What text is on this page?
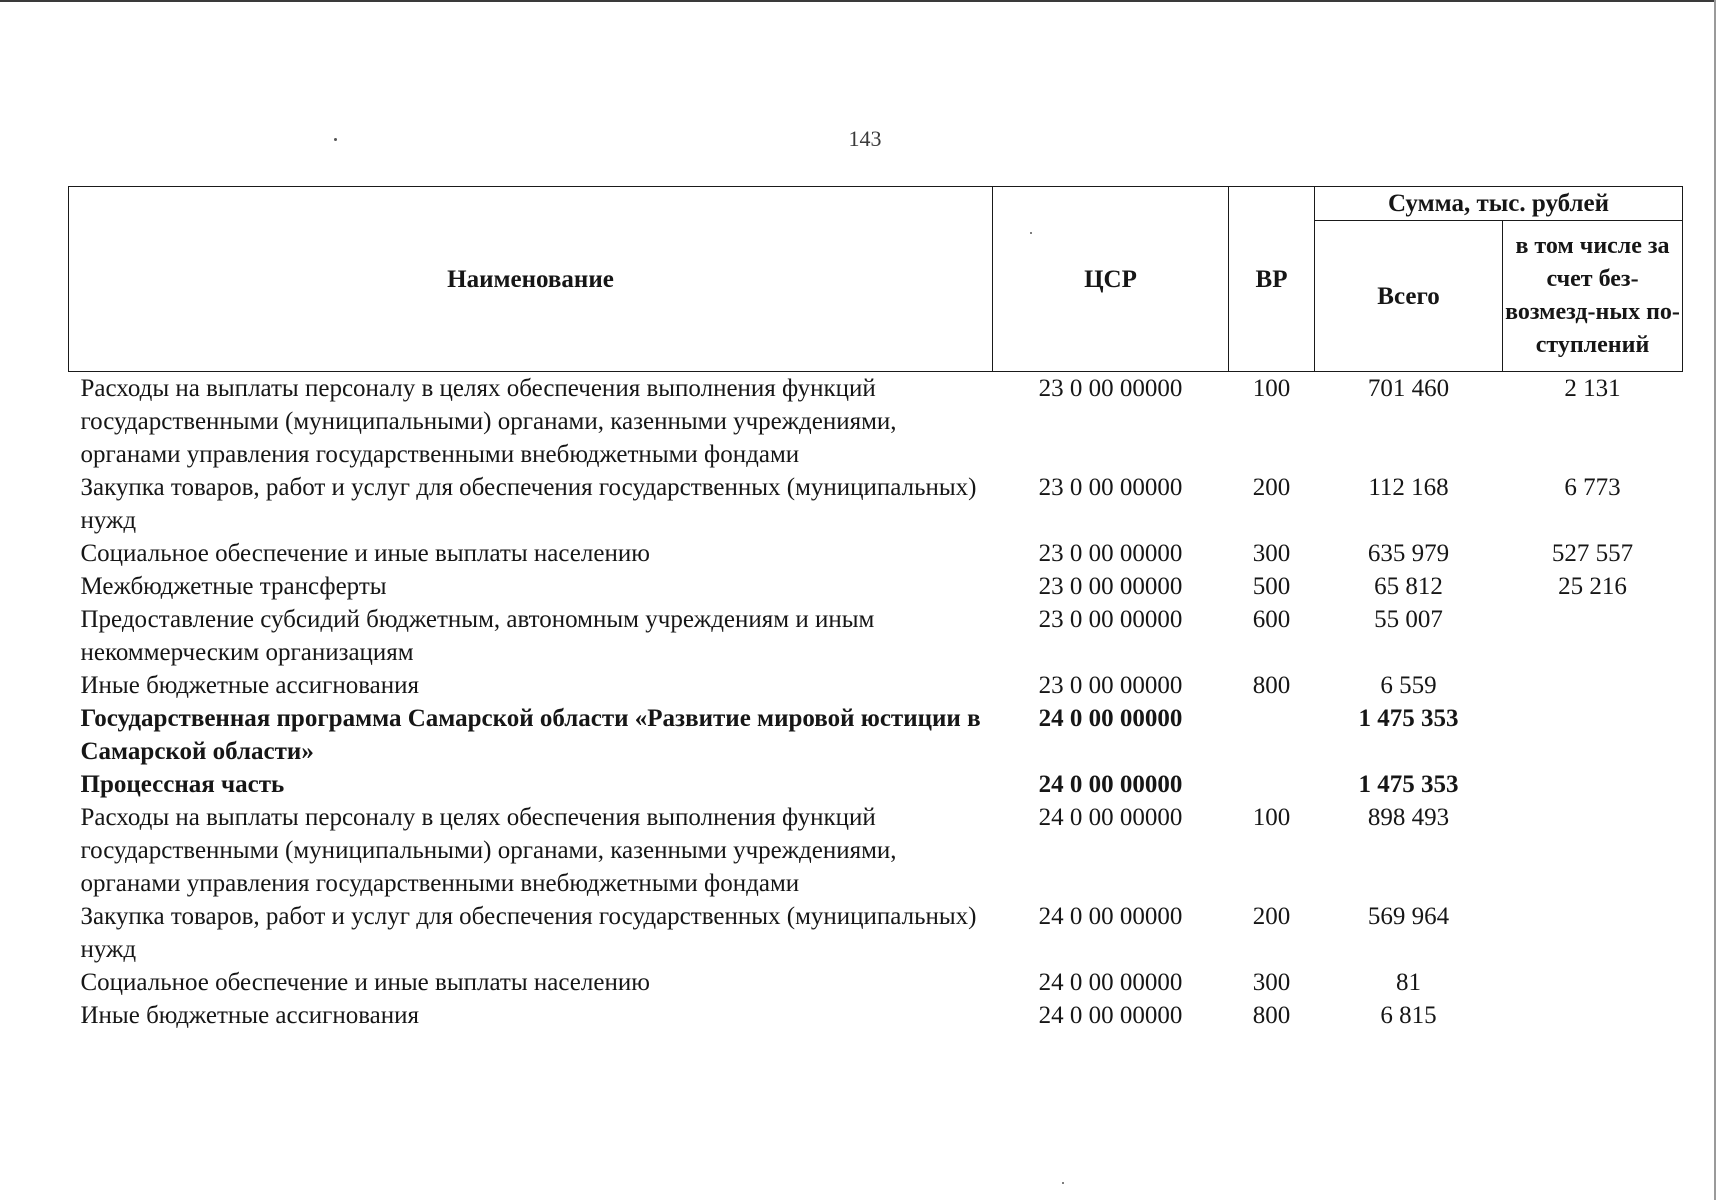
143
Наименование	ЦСР	ВР	Сумма, тыс. рублей	
			Всего	в том числе за счет без-возмезд-ных по-ступлений
Расходы на выплаты персоналу в целях обеспечения выполнения функций государственными (муниципальными) органами, казенными учреждениями, органами управления государственными внебюджетными фондами	23 0 00 00000	100	701 460	2 131
Закупка товаров, работ и услуг для обеспечения государственных (муниципальных) нужд	23 0 00 00000	200	112 168	6 773
Социальное обеспечение и иные выплаты населению	23 0 00 00000	300	635 979	527 557
Межбюджетные трансферты	23 0 00 00000	500	65 812	25 216
Предоставление субсидий бюджетным, автономным учреждениям и иным некоммерческим организациям	23 0 00 00000	600	55 007	
Иные бюджетные ассигнования	23 0 00 00000	800	6 559	
Государственная программа Самарской области «Развитие мировой юстиции в Самарской области»	24 0 00 00000		1 475 353	
Процессная часть	24 0 00 00000		1 475 353	
Расходы на выплаты персоналу в целях обеспечения выполнения функций государственными (муниципальными) органами, казенными учреждениями, органами управления государственными внебюджетными фондами	24 0 00 00000	100	898 493	
Закупка товаров, работ и услуг для обеспечения государственных (муниципальных) нужд	24 0 00 00000	200	569 964	
Социальное обеспечение и иные выплаты населению	24 0 00 00000	300	81	
Иные бюджетные ассигнования	24 0 00 00000	800	6 815	
